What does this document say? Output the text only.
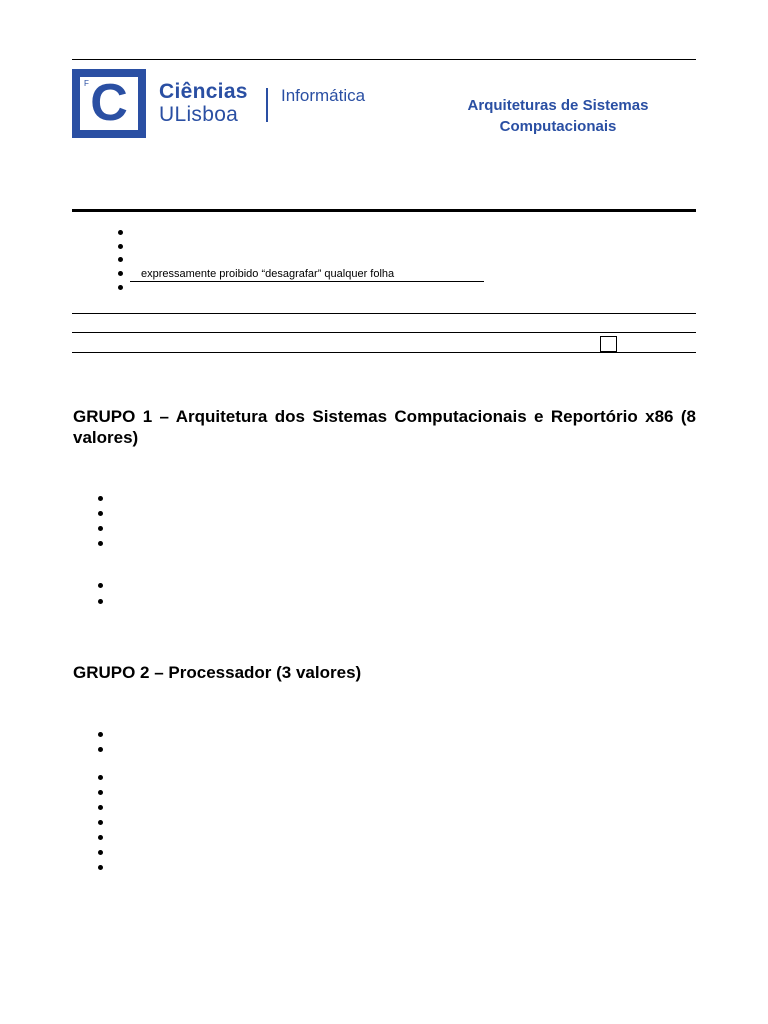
F C	Ciências
ULisboa
Informática
Arquiteturas de Sistemas
Computacionais
expressamente proibido “desagrafar” qualquer folha
GRUPO 1 – Arquitetura dos Sistemas Computacionais e Reportório x86 (8 valores)
GRUPO 2 – Processador (3 valores)
